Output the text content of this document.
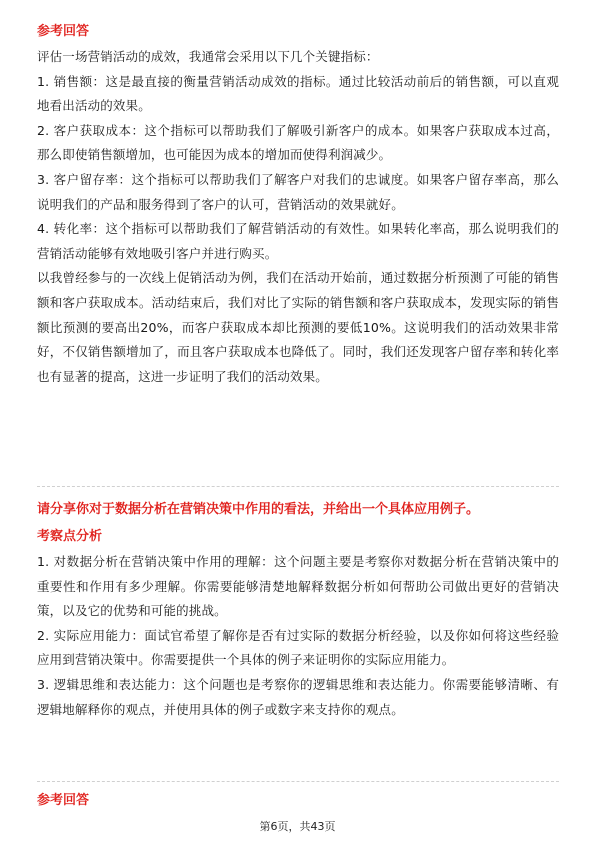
参考回答

评估一场营销活动的成效，我通常会采用以下几个关键指标：

1. 销售额：这是最直接的衡量营销活动成效的指标。通过比较活动前后的销售额，可以直观地看出活动的效果。

2. 客户获取成本：这个指标可以帮助我们了解吸引新客户的成本。如果客户获取成本过高，那么即使销售额增加，也可能因为成本的增加而使得利润减少。

3. 客户留存率：这个指标可以帮助我们了解客户对我们的忠诚度。如果客户留存率高，那么说明我们的产品和服务得到了客户的认可，营销活动的效果就好。

4. 转化率：这个指标可以帮助我们了解营销活动的有效性。如果转化率高，那么说明我们的营销活动能够有效地吸引客户并进行购买。

以我曾经参与的一次线上促销活动为例，我们在活动开始前，通过数据分析预测了可能的销售额和客户获取成本。活动结束后，我们对比了实际的销售额和客户获取成本，发现实际的销售额比预测的要高出20%，而客户获取成本却比预测的要低10%。这说明我们的活动效果非常好，不仅销售额增加了，而且客户获取成本也降低了。同时，我们还发现客户留存率和转化率也有显著的提高，这进一步证明了我们的活动效果。

请分享你对于数据分析在营销决策中作用的看法，并给出一个具体应用例子。

考察点分析

1. 对数据分析在营销决策中作用的理解：这个问题主要是考察你对数据分析在营销决策中的重要性和作用有多少理解。你需要能够清楚地解释数据分析如何帮助公司做出更好的营销决策，以及它的优势和可能的挑战。

2. 实际应用能力：面试官希望了解你是否有过实际的数据分析经验，以及你如何将这些经验应用到营销决策中。你需要提供一个具体的例子来证明你的实际应用能力。

3. 逻辑思维和表达能力：这个问题也是考察你的逻辑思维和表达能力。你需要能够清晰、有逻辑地解释你的观点，并使用具体的例子或数字来支持你的观点。

参考回答

第6页，共43页
